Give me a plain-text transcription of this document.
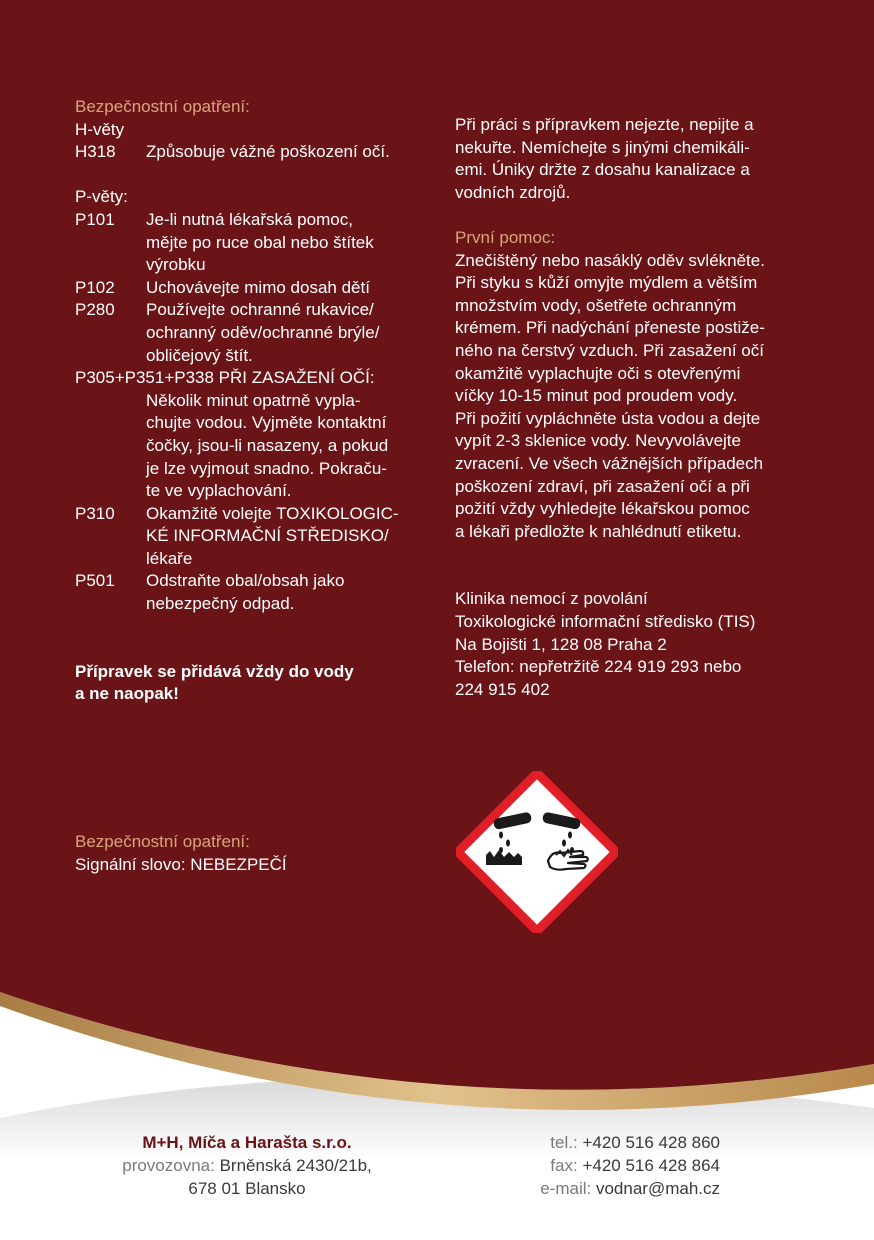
Bezpečnostní opatření:
H-věty
H318	Způsobuje vážné poškození očí.
P-věty:
P101	Je-li nutná lékařská pomoc,
mějte po ruce obal nebo štítek
výrobku
P102	Uchovávejte mimo dosah dětí
P280	Používejte ochranné rukavice/
ochranný oděv/ochranné brýle/
obličejový štít.
P305+P351+P338 PŘI ZASAŽENÍ OČÍ:
Několik minut opatrně vypla-
chujte vodou. Vyjměte kontaktní
čočky, jsou-li nasazeny, a pokud
je lze vyjmout snadno. Pokraču-
te ve vyplachování.
P310	Okamžitě volejte TOXIKOLOGIC-
KÉ INFORMAČNÍ STŘEDISKO/
lékaře
P501	Odstraňte obal/obsah jako
nebezpečný odpad.
Přípravek se přidává vždy do vody
a ne naopak!
Při práci s přípravkem nejezte, nepijte a
nekuřte. Nemíchejte s jinými chemikáli-
emi. Úniky držte z dosahu kanalizace a
vodních zdrojů.
První pomoc:
Znečištěný nebo nasáklý oděv svlékněte.
Při styku s kůží omyjte mýdlem a větším
množstvím vody, ošetřete ochranným
krémem. Při nadýchání přeneste postiže-
ného na čerstvý vzduch. Při zasažení očí
okamžitě vyplachujte oči s otevřenými
víčky 10-15 minut pod proudem vody.
Při požití vypláchněte ústa vodou a dejte
vypít 2-3 sklenice vody. Nevyvolávejte
zvracení. Ve všech vážnějších případech
poškození zdraví, při zasažení očí a při
požití vždy vyhledejte lékařskou pomoc
a lékaři předložte k nahlédnutí etiketu.
Klinika nemocí z povolání
Toxikologické informační středisko (TIS)
Na Bojišti 1, 128 08 Praha 2
Telefon: nepřetržitě 224 919 293 nebo
224 915 402
Bezpečnostní opatření:
Signální slovo: NEBEZPEČÍ
M+H, Míča a Harašta s.r.o.
provozovna: Brněnská 2430/21b,
678 01 Blansko
tel.: +420 516 428 860
fax: +420 516 428 864
e-mail: vodnar@mah.cz
